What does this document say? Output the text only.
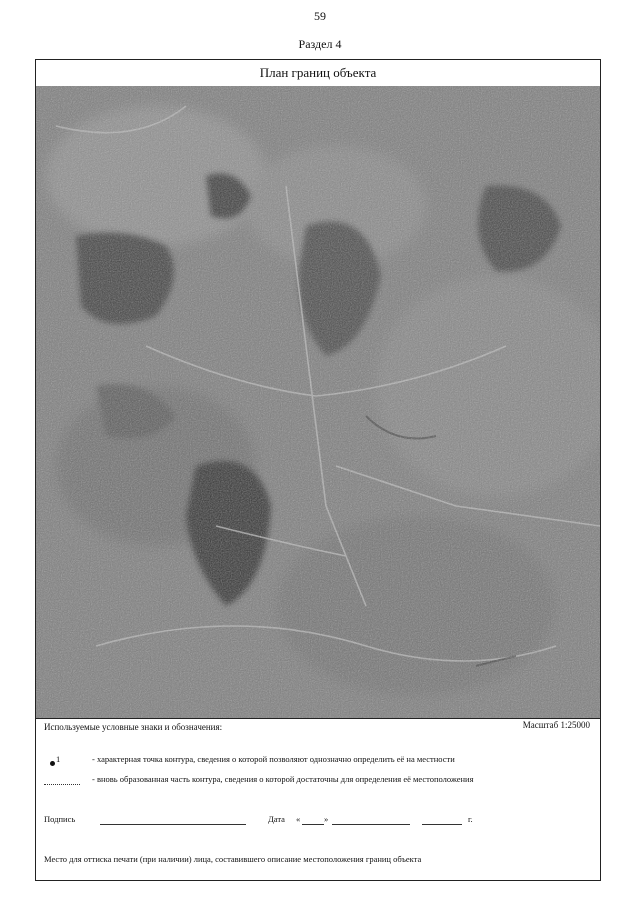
59
Раздел 4
План границ объекта
Используемые условные знаки и обозначения:	Масштаб 1:25000
1	- характерная точка контура, сведения о которой позволяют однозначно определить её на местности
- вновь образованная часть контура, сведения о которой достаточны для определения её местоположения
Подпись	Дата «	»	г.
Место для оттиска печати (при наличии) лица, составившего описание местоположения границ объекта
